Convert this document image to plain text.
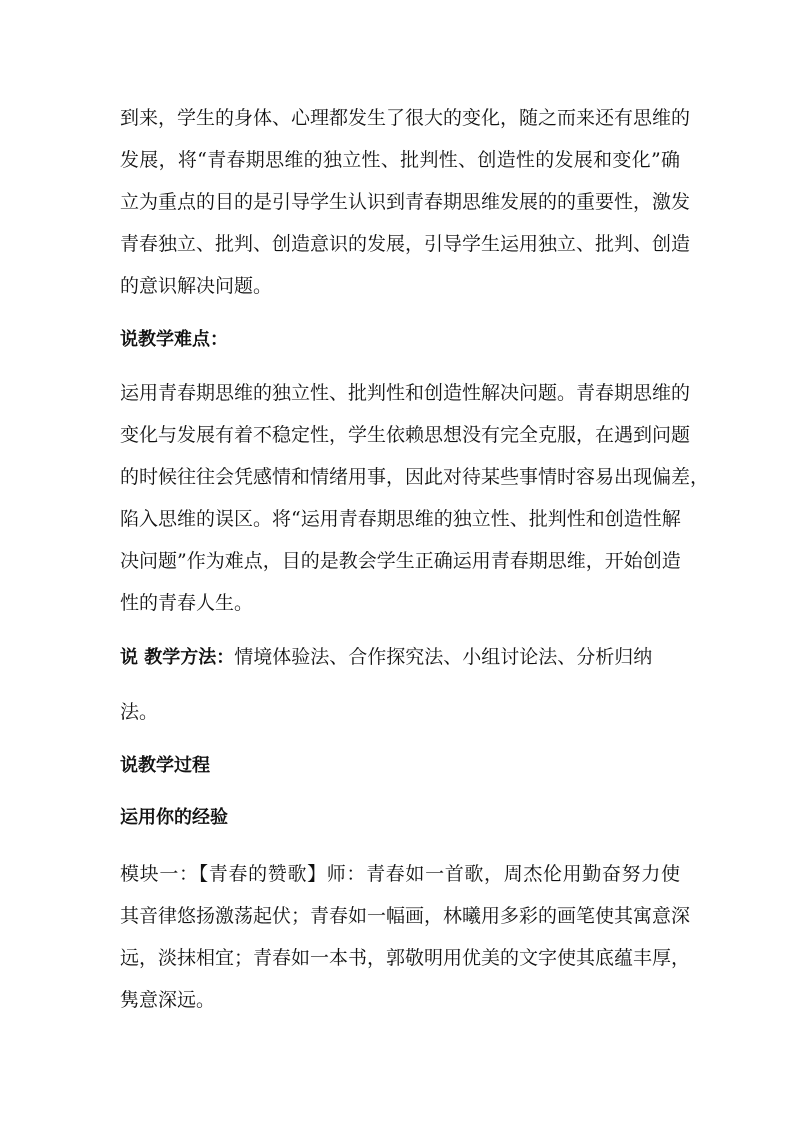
到来，学生的身体、心理都发生了很大的变化，随之而来还有思维的
发展，将“青春期思维的独立性、批判性、创造性的发展和变化”确
立为重点的目的是引导学生认识到青春期思维发展的的重要性，激发
青春独立、批判、创造意识的发展，引导学生运用独立、批判、创造
的意识解决问题。
说教学难点：
运用青春期思维的独立性、批判性和创造性解决问题。青春期思维的
变化与发展有着不稳定性，学生依赖思想没有完全克服，在遇到问题
的时候往往会凭感情和情绪用事，因此对待某些事情时容易出现偏差，
陷入思维的误区。将“运用青春期思维的独立性、批判性和创造性解
决问题”作为难点，目的是教会学生正确运用青春期思维，开始创造
性的青春人生。
说 教学方法：情境体验法、合作探究法、小组讨论法、分析归纳
法。
说教学过程
运用你的经验
模块一：【青春的赞歌】师：青春如一首歌，周杰伦用勤奋努力使
其音律悠扬激荡起伏；青春如一幅画，林曦用多彩的画笔使其寓意深
远，淡抹相宜；青春如一本书，郭敬明用优美的文字使其底蕴丰厚，
隽意深远。
